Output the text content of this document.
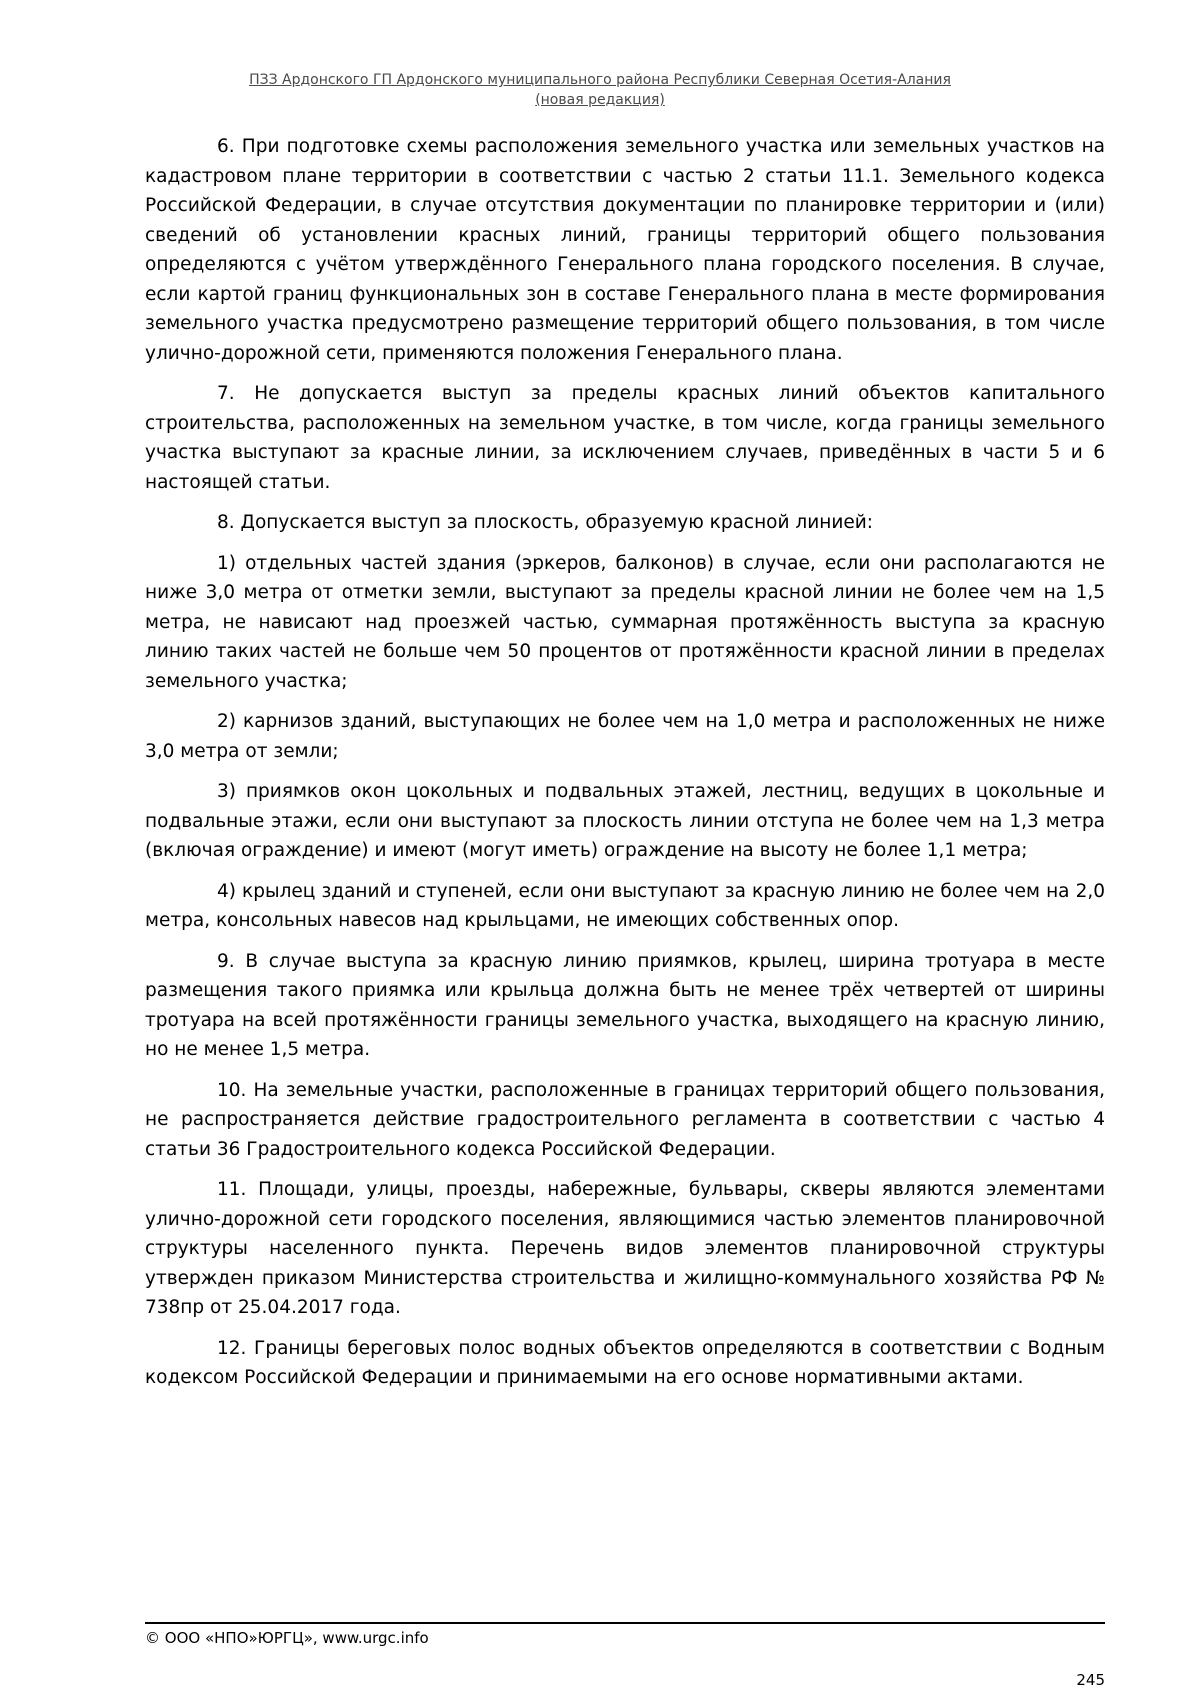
ПЗЗ Ардонского ГП Ардонского муниципального района Республики Северная Осетия-Алания
(новая редакция)

6. При подготовке схемы расположения земельного участка или земельных участков на кадастровом плане территории в соответствии с частью 2 статьи 11.1. Земельного кодекса Российской Федерации, в случае отсутствия документации по планировке территории и (или) сведений об установлении красных линий, границы территорий общего пользования определяются с учётом утверждённого Генерального плана городского поселения. В случае, если картой границ функциональных зон в составе Генерального плана в месте формирования земельного участка предусмотрено размещение территорий общего пользования, в том числе улично-дорожной сети, применяются положения Генерального плана.

7. Не допускается выступ за пределы красных линий объектов капитального строительства, расположенных на земельном участке, в том числе, когда границы земельного участка выступают за красные линии, за исключением случаев, приведённых в части 5 и 6 настоящей статьи.

8. Допускается выступ за плоскость, образуемую красной линией:

1) отдельных частей здания (эркеров, балконов) в случае, если они располагаются не ниже 3,0 метра от отметки земли, выступают за пределы красной линии не более чем на 1,5 метра, не нависают над проезжей частью, суммарная протяжённость выступа за красную линию таких частей не больше чем 50 процентов от протяжённости красной линии в пределах земельного участка;

2) карнизов зданий, выступающих не более чем на 1,0 метра и расположенных не ниже 3,0 метра от земли;

3) приямков окон цокольных и подвальных этажей, лестниц, ведущих в цокольные и подвальные этажи, если они выступают за плоскость линии отступа не более чем на 1,3 метра (включая ограждение) и имеют (могут иметь) ограждение на высоту не более 1,1 метра;

4) крылец зданий и ступеней, если они выступают за красную линию не более чем на 2,0 метра, консольных навесов над крыльцами, не имеющих собственных опор.

9. В случае выступа за красную линию приямков, крылец, ширина тротуара в месте размещения такого приямка или крыльца должна быть не менее трёх четвертей от ширины тротуара на всей протяжённости границы земельного участка, выходящего на красную линию, но не менее 1,5 метра.

10. На земельные участки, расположенные в границах территорий общего пользования, не распространяется действие градостроительного регламента в соответствии с частью 4 статьи 36 Градостроительного кодекса Российской Федерации.

11. Площади, улицы, проезды, набережные, бульвары, скверы являются элементами улично-дорожной сети городского поселения, являющимися частью элементов планировочной структуры населенного пункта. Перечень видов элементов планировочной структуры утвержден приказом Министерства строительства и жилищно-коммунального хозяйства РФ № 738пр от 25.04.2017 года.

12. Границы береговых полос водных объектов определяются в соответствии с Водным кодексом Российской Федерации и принимаемыми на его основе нормативными актами.

© ООО «НПО»ЮРГЦ», www.urgc.info
245
